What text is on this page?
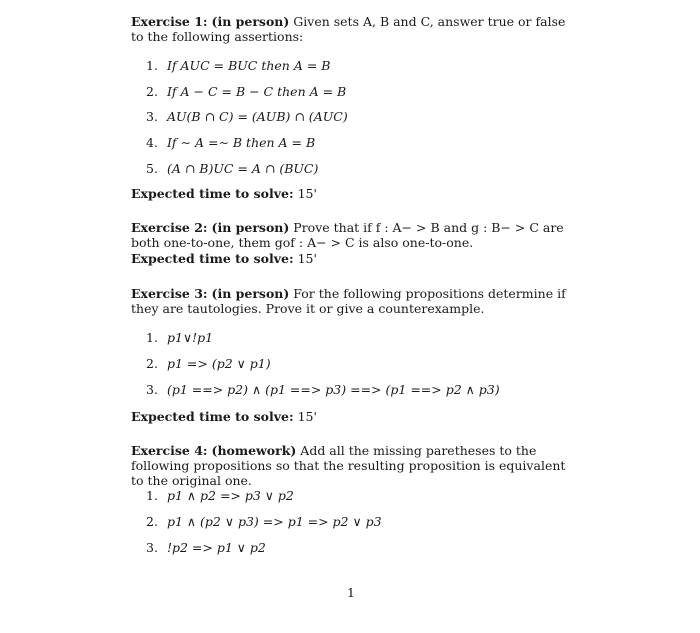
Exercise 1: (in person) Given sets A, B and C, answer true or false to the following assertions:
1. If AUC = BUC then A = B
2. If A − C = B − C then A = B
3. AU(B ∩ C) = (AUB) ∩ (AUC)
4. If ∼ A =∼ B then A = B
5. (A ∩ B)UC = A ∩ (BUC)
Expected time to solve: 15'
Exercise 2: (in person) Prove that if f : A− > B and g : B− > C are both one-to-one, them gof : A− > C is also one-to-one.
Expected time to solve: 15'
Exercise 3: (in person) For the following propositions determine if they are tautologies. Prove it or give a counterexample.
1. p1∨!p1
2. p1 => (p2 ∨ p1)
3. (p1 ==> p2) ∧ (p1 ==> p3) ==> (p1 ==> p2 ∧ p3)
Expected time to solve: 15'
Exercise 4: (homework) Add all the missing paretheses to the following propositions so that the resulting proposition is equivalent to the original one.
1. p1 ∧ p2 => p3 ∨ p2
2. p1 ∧ (p2 ∨ p3) => p1 => p2 ∨ p3
3. !p2 => p1 ∨ p2
1
